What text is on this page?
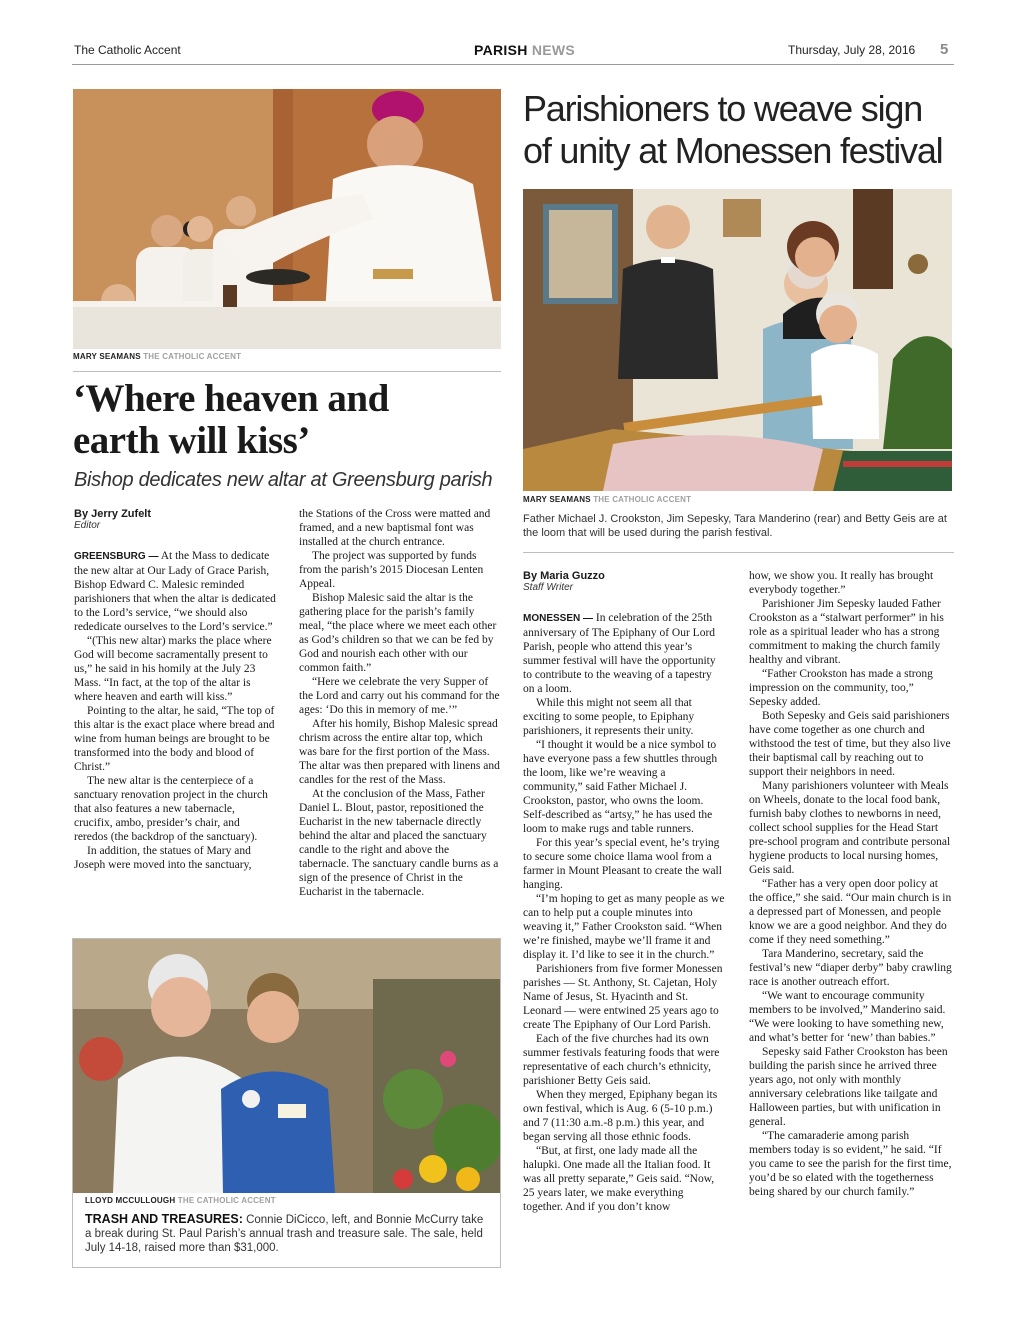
The Catholic Accent	PARISH NEWS	Thursday, July 28, 2016 5
MARY SEAMANS THE CATHOLIC ACCENT
‘Where heaven and
earth will kiss’
Bishop dedicates new altar at Greensburg parish
By Jerry Zufelt
Editor

GREENSBURG — At the Mass to dedicate the new altar at Our Lady of Grace Parish, Bishop Edward C. Malesic reminded parishioners that when the altar is dedicated to the Lord’s service, “we should also rededicate ourselves to the Lord’s service.”

“(This new altar) marks the place where God will become sacramentally present to us,” he said in his homily at the July 23 Mass. “In fact, at the top of the altar is where heaven and earth will kiss.”

Pointing to the altar, he said, “The top of this altar is the exact place where bread and wine from human beings are brought to be transformed into the body and blood of Christ.”

The new altar is the centerpiece of a sanctuary renovation project in the church that also features a new tabernacle, crucifix, ambo, presider’s chair, and reredos (the backdrop of the sanctuary).

In addition, the statues of Mary and Joseph were moved into the sanctuary,

the Stations of the Cross were matted and framed, and a new baptismal font was installed at the church entrance.

The project was supported by funds from the parish’s 2015 Diocesan Lenten Appeal.

Bishop Malesic said the altar is the gathering place for the parish’s family meal, “the place where we meet each other as God’s children so that we can be fed by God and nourish each other with our common faith.”

“Here we celebrate the very Supper of the Lord and carry out his command for the ages: ‘Do this in memory of me.’”

After his homily, Bishop Malesic spread chrism across the entire altar top, which was bare for the first portion of the Mass. The altar was then prepared with linens and candles for the rest of the Mass.

At the conclusion of the Mass, Father Daniel L. Blout, pastor, repositioned the Eucharist in the new tabernacle directly behind the altar and placed the sanctuary candle to the right and above the tabernacle. The sanctuary candle burns as a sign of the presence of Christ in the Eucharist in the tabernacle.

LLOYD MCCULLOUGH THE CATHOLIC ACCENT
TRASH AND TREASURES: Connie DiCicco, left, and Bonnie McCurry take a break during St. Paul Parish’s annual trash and treasure sale. The sale, held July 14-18, raised more than $31,000.
Parishioners to weave sign
of unity at Monessen festival
MARY SEAMANS THE CATHOLIC ACCENT
Father Michael J. Crookston, Jim Sepesky, Tara Manderino (rear) and Betty Geis are at the loom that will be used during the parish festival.
By Maria Guzzo
Staff Writer

MONESSEN — In celebration of the 25th anniversary of The Epiphany of Our Lord Parish, people who attend this year’s summer festival will have the opportunity to contribute to the weaving of a tapestry on a loom.

While this might not seem all that exciting to some people, to Epiphany parishioners, it represents their unity.

“I thought it would be a nice symbol to have everyone pass a few shuttles through the loom, like we’re weaving a community,” said Father Michael J. Crookston, pastor, who owns the loom. Self-described as “artsy,” he has used the loom to make rugs and table runners.

For this year’s special event, he’s trying to secure some choice llama wool from a farmer in Mount Pleasant to create the wall hanging.

“I’m hoping to get as many people as we can to help put a couple minutes into weaving it,” Father Crookston said. “When we’re finished, maybe we’ll frame it and display it. I’d like to see it in the church.”

Parishioners from five former Monessen parishes — St. Anthony, St. Cajetan, Holy Name of Jesus, St. Hyacinth and St. Leonard — were entwined 25 years ago to create The Epiphany of Our Lord Parish.

Each of the five churches had its own summer festivals featuring foods that were representative of each church’s ethnicity, parishioner Betty Geis said.

When they merged, Epiphany began its own festival, which is Aug. 6 (5-10 p.m.) and 7 (11:30 a.m.-8 p.m.) this year, and began serving all those ethnic foods.

“But, at first, one lady made all the halupki. One made all the Italian food. It was all pretty separate,” Geis said. “Now, 25 years later, we make everything together. And if you don’t know

how, we show you. It really has brought everybody together.”

Parishioner Jim Sepesky lauded Father Crookston as a “stalwart performer” in his role as a spiritual leader who has a strong commitment to making the church family healthy and vibrant.

“Father Crookston has made a strong impression on the community, too,” Sepesky added.

Both Sepesky and Geis said parishioners have come together as one church and withstood the test of time, but they also live their baptismal call by reaching out to support their neighbors in need.

Many parishioners volunteer with Meals on Wheels, donate to the local food bank, furnish baby clothes to newborns in need, collect school supplies for the Head Start pre-school program and contribute personal hygiene products to local nursing homes, Geis said.

“Father has a very open door policy at the office,” she said. “Our main church is in a depressed part of Monessen, and people know we are a good neighbor. And they do come if they need something.”

Tara Manderino, secretary, said the festival’s new “diaper derby” baby crawling race is another outreach effort.

“We want to encourage community members to be involved,” Manderino said. “We were looking to have something new, and what’s better for ‘new’ than babies.”

Sepesky said Father Crookston has been building the parish since he arrived three years ago, not only with monthly anniversary celebrations like tailgate and Halloween parties, but with unification in general.

“The camaraderie among parish members today is so evident,” he said. “If you came to see the parish for the first time, you’d be so elated with the togetherness being shared by our church family.”
